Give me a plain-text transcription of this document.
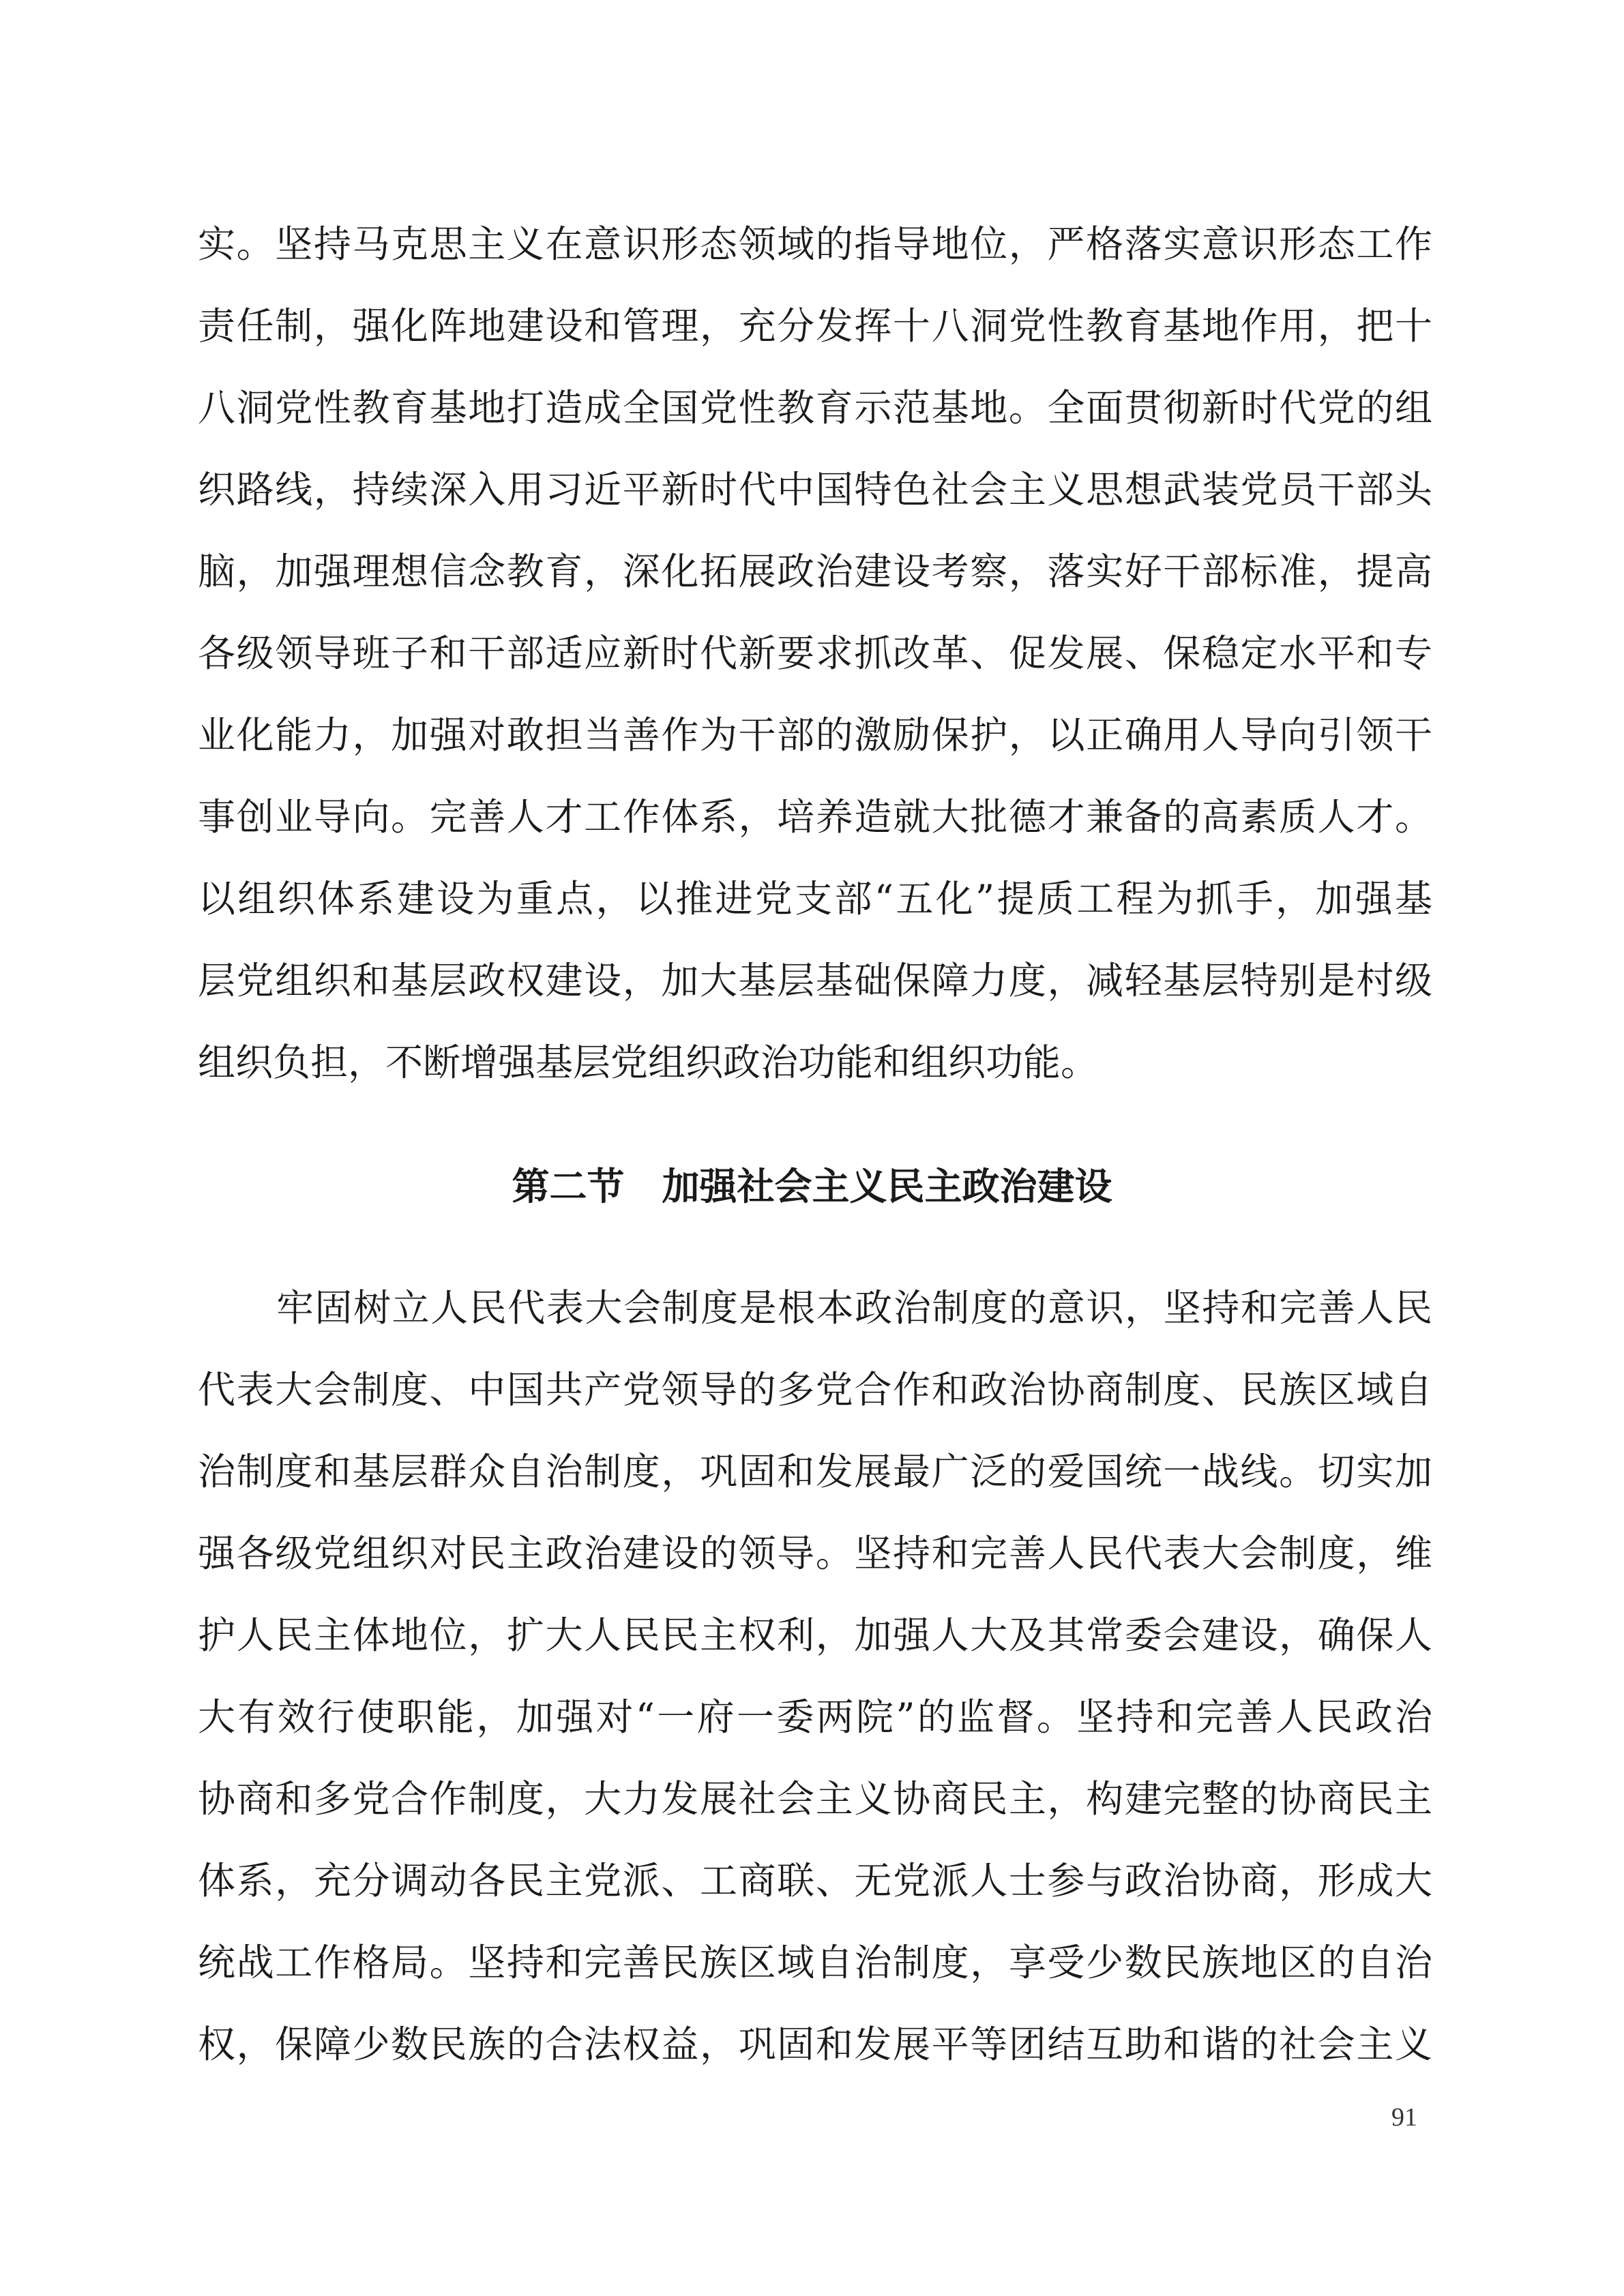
实。坚持马克思主义在意识形态领域的指导地位，严格落实意识形态工作
责任制，强化阵地建设和管理，充分发挥十八洞党性教育基地作用，把十
八洞党性教育基地打造成全国党性教育示范基地。全面贯彻新时代党的组
织路线，持续深入用习近平新时代中国特色社会主义思想武装党员干部头
脑，加强理想信念教育，深化拓展政治建设考察，落实好干部标准，提高
各级领导班子和干部适应新时代新要求抓改革、促发展、保稳定水平和专
业化能力，加强对敢担当善作为干部的激励保护，以正确用人导向引领干
事创业导向。完善人才工作体系，培养造就大批德才兼备的高素质人才。
以组织体系建设为重点，以推进党支部“五化”提质工程为抓手，加强基
层党组织和基层政权建设，加大基层基础保障力度，减轻基层特别是村级
组织负担，不断增强基层党组织政治功能和组织功能。
第二节　加强社会主义民主政治建设
牢固树立人民代表大会制度是根本政治制度的意识，坚持和完善人民
代表大会制度、中国共产党领导的多党合作和政治协商制度、民族区域自
治制度和基层群众自治制度，巩固和发展最广泛的爱国统一战线。切实加
强各级党组织对民主政治建设的领导。坚持和完善人民代表大会制度，维
护人民主体地位，扩大人民民主权利，加强人大及其常委会建设，确保人
大有效行使职能，加强对“一府一委两院”的监督。坚持和完善人民政治
协商和多党合作制度，大力发展社会主义协商民主，构建完整的协商民主
体系，充分调动各民主党派、工商联、无党派人士参与政治协商，形成大
统战工作格局。坚持和完善民族区域自治制度，享受少数民族地区的自治
权，保障少数民族的合法权益，巩固和发展平等团结互助和谐的社会主义
91
